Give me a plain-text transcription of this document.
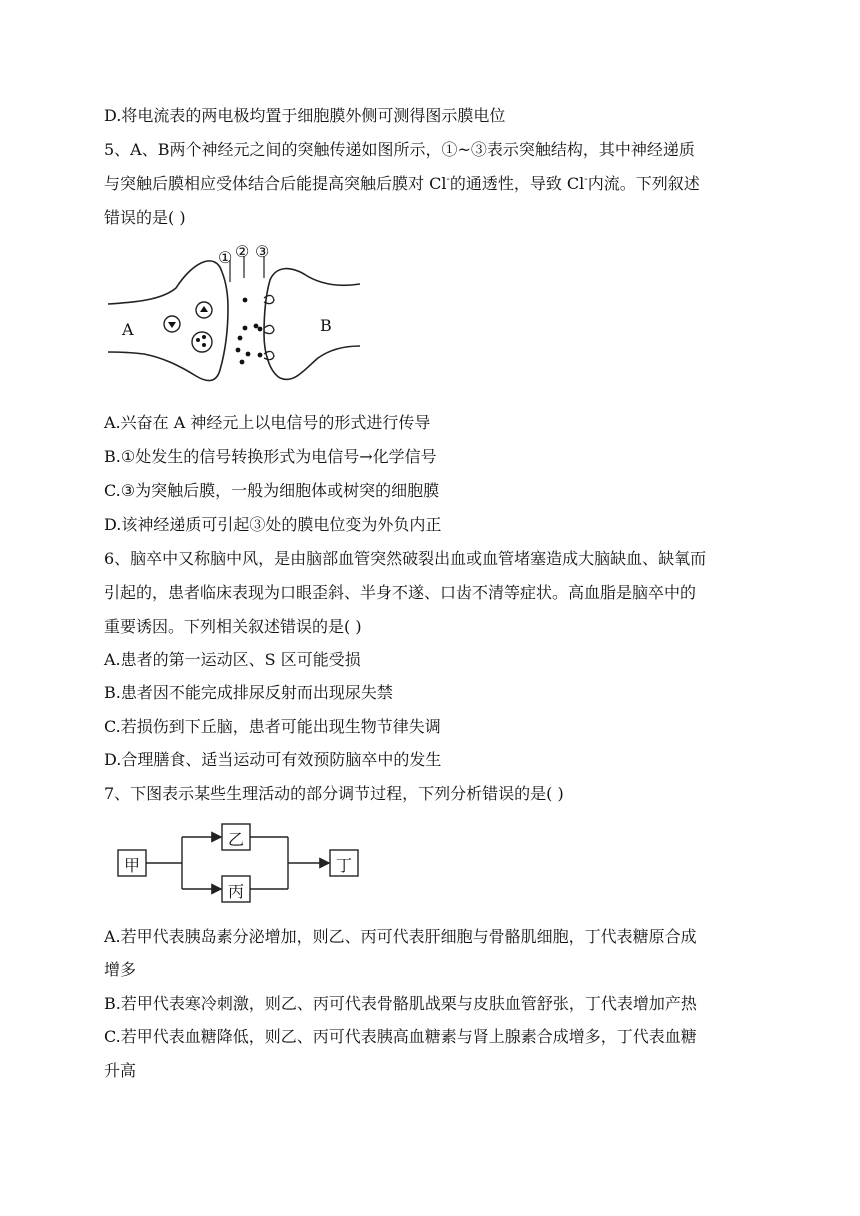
D.将电流表的两电极均置于细胞膜外侧可测得图示膜电位
5、A、B两个神经元之间的突触传递如图所示，①~③表示突触结构，其中神经递质
与突触后膜相应受体结合后能提高突触后膜对 Cl-的通透性，导致 Cl-内流。下列叙述
错误的是( )
A	B
① ② ③
A.兴奋在 A 神经元上以电信号的形式进行传导
B.①处发生的信号转换形式为电信号→化学信号
C.③为突触后膜，一般为细胞体或树突的细胞膜
D.该神经递质可引起③处的膜电位变为外负内正
6、脑卒中又称脑中风，是由脑部血管突然破裂出血或血管堵塞造成大脑缺血、缺氧而
引起的，患者临床表现为口眼歪斜、半身不遂、口齿不清等症状。高血脂是脑卒中的
重要诱因。下列相关叙述错误的是( )
A.患者的第一运动区、S 区可能受损
B.患者因不能完成排尿反射而出现尿失禁
C.若损伤到下丘脑，患者可能出现生物节律失调
D.合理膳食、适当运动可有效预防脑卒中的发生
7、下图表示某些生理活动的部分调节过程，下列分析错误的是( )
甲
乙
丙
丁
A.若甲代表胰岛素分泌增加，则乙、丙可代表肝细胞与骨骼肌细胞，丁代表糖原合成
增多
B.若甲代表寒冷刺激，则乙、丙可代表骨骼肌战栗与皮肤血管舒张，丁代表增加产热
C.若甲代表血糖降低，则乙、丙可代表胰高血糖素与肾上腺素合成增多，丁代表血糖
升高
